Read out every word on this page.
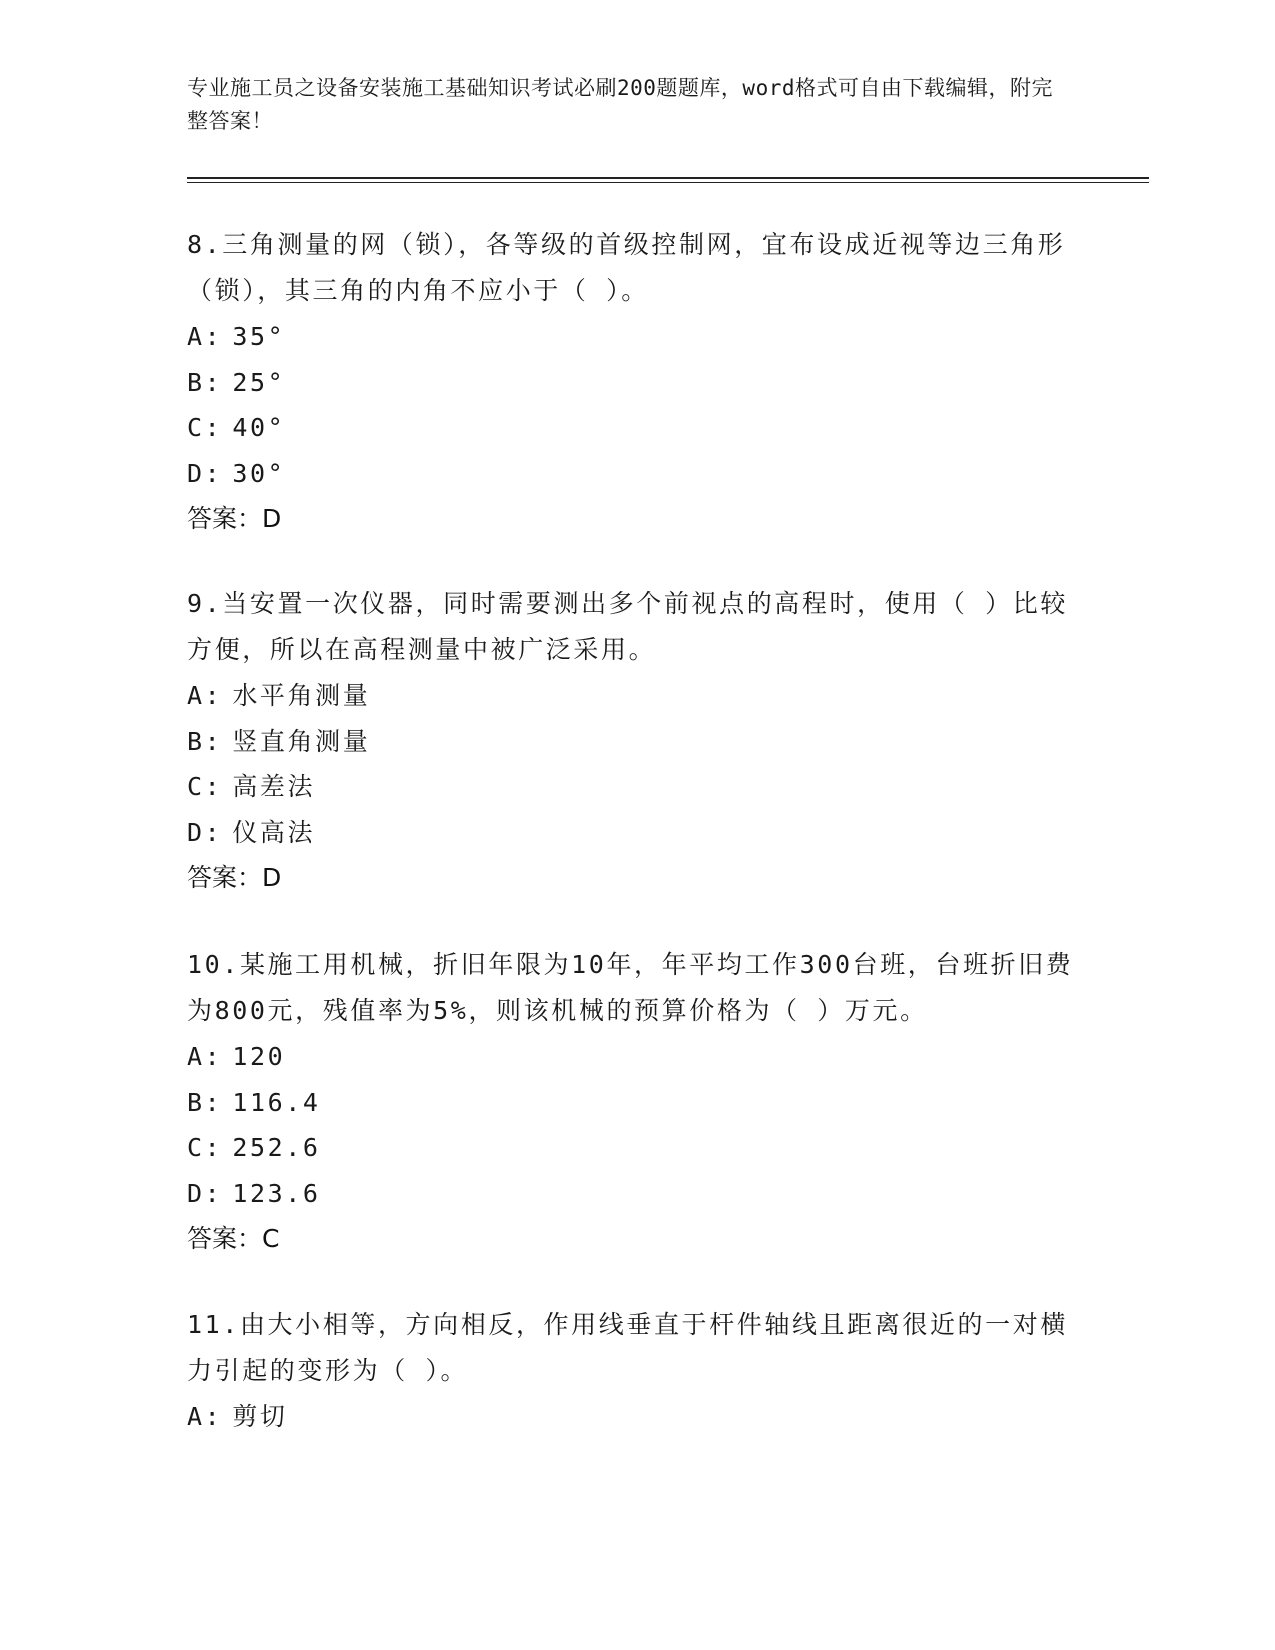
专业施工员之设备安装施工基础知识考试必刷200题题库，word格式可自由下载编辑，附完整答案！

8.三角测量的网（锁），各等级的首级控制网，宜布设成近视等边三角形（锁），其三角的内角不应小于（ ）。

A: 35°

B: 25°

C: 40°

D: 30°

答案：D

9.当安置一次仪器，同时需要测出多个前视点的高程时，使用（ ）比较方便，所以在高程测量中被广泛采用。

A: 水平角测量

B: 竖直角测量

C: 高差法

D: 仪高法

答案：D

10.某施工用机械，折旧年限为10年，年平均工作300台班，台班折旧费为800元，残值率为5%，则该机械的预算价格为（ ）万元。

A: 120

B: 116.4

C: 252.6

D: 123.6

答案：C

11.由大小相等，方向相反，作用线垂直于杆件轴线且距离很近的一对横力引起的变形为（ ）。

A: 剪切
